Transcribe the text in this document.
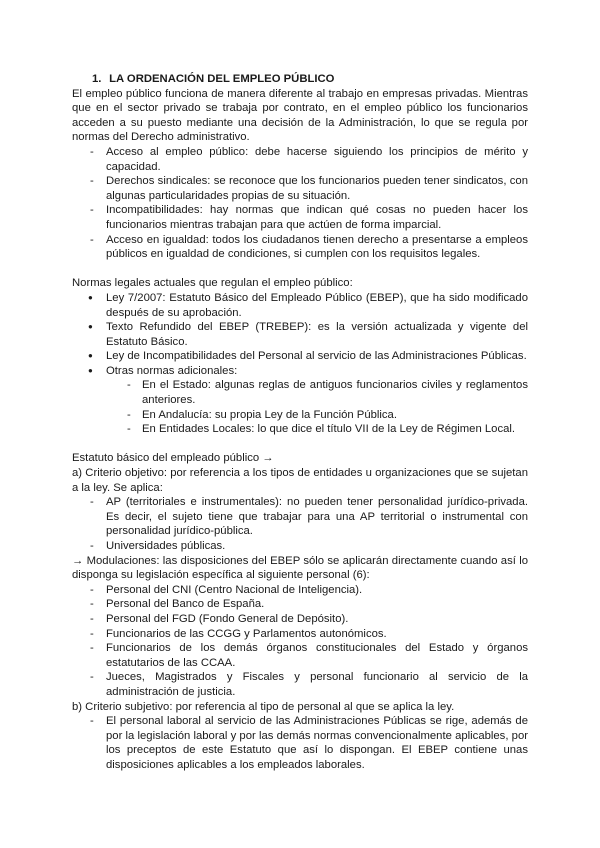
1. LA ORDENACIÓN DEL EMPLEO PÚBLICO

El empleo público funciona de manera diferente al trabajo en empresas privadas. Mientras que en el sector privado se trabaja por contrato, en el empleo público los funcionarios acceden a su puesto mediante una decisión de la Administración, lo que se regula por normas del Derecho administrativo.

- Acceso al empleo público: debe hacerse siguiendo los principios de mérito y capacidad.
- Derechos sindicales: se reconoce que los funcionarios pueden tener sindicatos, con algunas particularidades propias de su situación.
- Incompatibilidades: hay normas que indican qué cosas no pueden hacer los funcionarios mientras trabajan para que actúen de forma imparcial.
- Acceso en igualdad: todos los ciudadanos tienen derecho a presentarse a empleos públicos en igualdad de condiciones, si cumplen con los requisitos legales.

Normas legales actuales que regulan el empleo público:

● Ley 7/2007: Estatuto Básico del Empleado Público (EBEP), que ha sido modificado después de su aprobación.
● Texto Refundido del EBEP (TREBEP): es la versión actualizada y vigente del Estatuto Básico.
● Ley de Incompatibilidades del Personal al servicio de las Administraciones Públicas.
● Otras normas adicionales:
- En el Estado: algunas reglas de antiguos funcionarios civiles y reglamentos anteriores.
- En Andalucía: su propia Ley de la Función Pública.
- En Entidades Locales: lo que dice el título VII de la Ley de Régimen Local.

Estatuto básico del empleado público →

a) Criterio objetivo: por referencia a los tipos de entidades u organizaciones que se sujetan a la ley. Se aplica:

- AP (territoriales e instrumentales): no pueden tener personalidad jurídico-privada. Es decir, el sujeto tiene que trabajar para una AP territorial o instrumental con personalidad jurídico-pública.
- Universidades públicas.

→ Modulaciones: las disposiciones del EBEP sólo se aplicarán directamente cuando así lo disponga su legislación específica al siguiente personal (6):

- Personal del CNI (Centro Nacional de Inteligencia).
- Personal del Banco de España.
- Personal del FGD (Fondo General de Depósito).
- Funcionarios de las CCGG y Parlamentos autonómicos.
- Funcionarios de los demás órganos constitucionales del Estado y órganos estatutarios de las CCAA.
- Jueces, Magistrados y Fiscales y personal funcionario al servicio de la administración de justicia.

b) Criterio subjetivo: por referencia al tipo de personal al que se aplica la ley.

- El personal laboral al servicio de las Administraciones Públicas se rige, además de por la legislación laboral y por las demás normas convencionalmente aplicables, por los preceptos de este Estatuto que así lo dispongan. El EBEP contiene unas disposiciones aplicables a los empleados laborales.
